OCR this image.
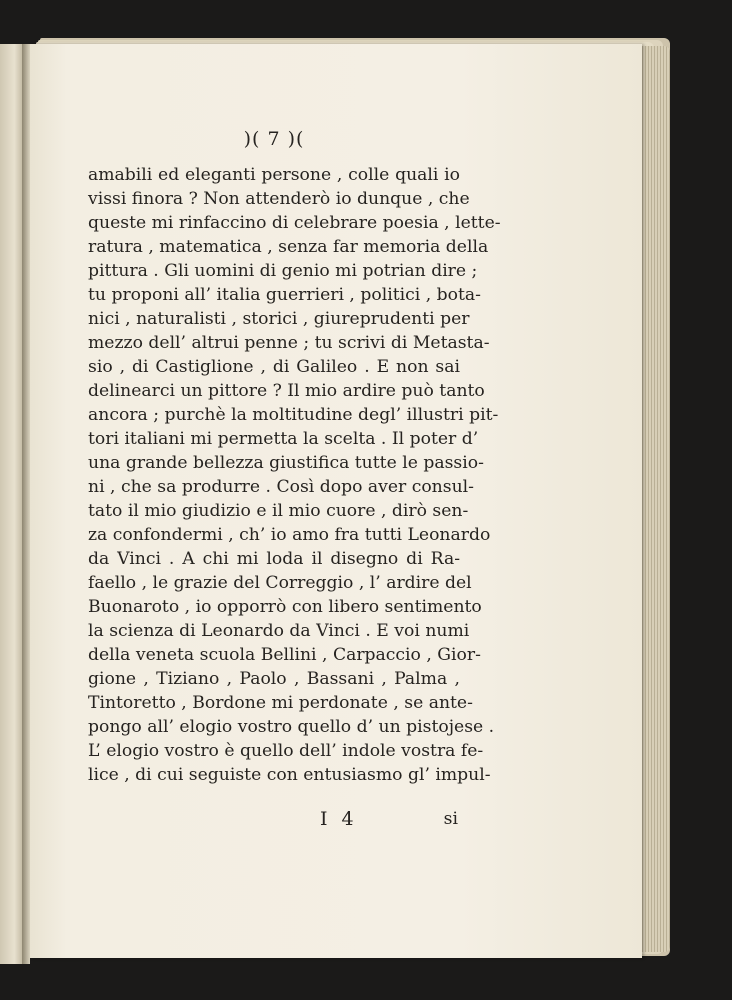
)( 7 )(
amabili ed eleganti persone , colle quali io
vissi finora ? Non attenderò io dunque , che
queste mi rinfaccino di celebrare poesia , lette-
ratura , matematica , senza far memoria della
pittura . Gli uomini di genio mi potrian dire ;
tu proponi all’ italia guerrieri , politici , bota-
nici , naturalisti , storici , giureprudenti per
mezzo dell’ altrui penne ; tu scrivi di Metasta-
sio , di Castiglione , di Galileo . E non sai
delinearci un pittore ? Il mio ardire può tanto
ancora ; purchè la moltitudine degl’ illustri pit-
tori italiani mi permetta la scelta . Il poter d’
una grande bellezza giustifica tutte le passio-
ni , che sa produrre . Così dopo aver consul-
tato il mio giudizio e il mio cuore , dirò sen-
za confondermi , ch’ io amo fra tutti Leonardo
da Vinci . A chi mi loda il disegno di Ra-
faello , le grazie del Correggio , l’ ardire del
Buonaroto , io opporrò con libero sentimento
la scienza di Leonardo da Vinci . E voi numi
della veneta scuola Bellini , Carpaccio , Gior-
gione , Tiziano , Paolo , Bassani , Palma ,
Tintoretto , Bordone mi perdonate , se ante-
pongo all’ elogio vostro quello d’ un pistojese .
L’ elogio vostro è quello dell’ indole vostra fe-
lice , di cui seguiste con entusiasmo gl’ impul-
I 4	si
